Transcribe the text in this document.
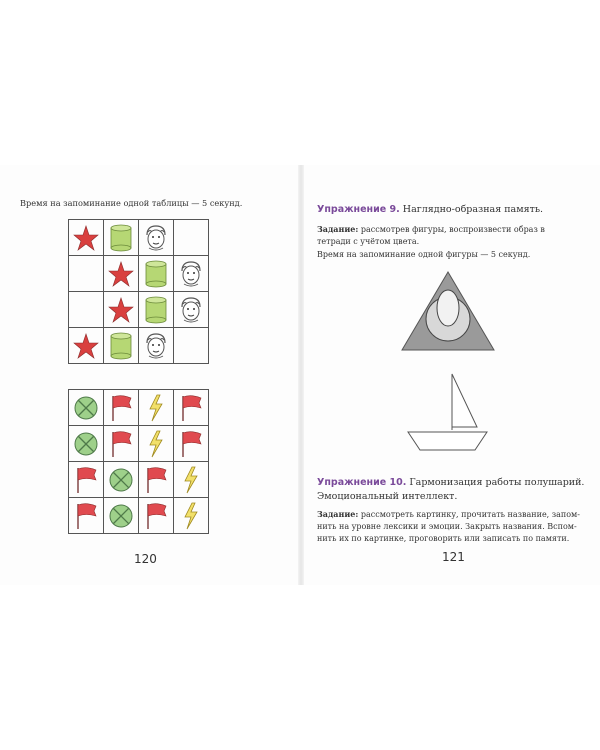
Время на запоминание одной таблицы — 5 секунд.

120
Упражнение 9. Наглядно-образная память.
Задание: рассмотрев фигуры, воспроизвести образ в тетради с учётом цвета.
Время на запоминание одной фигуры — 5 секунд.
Упражнение 10. Гармонизация работы полушарий.
Эмоциональный интеллект.
Задание: рассмотреть картинку, прочитать название, запом-
нить на уровне лексики и эмоции. Закрыть названия. Вспом-
нить их по картинке, проговорить или записать по памяти.
121
